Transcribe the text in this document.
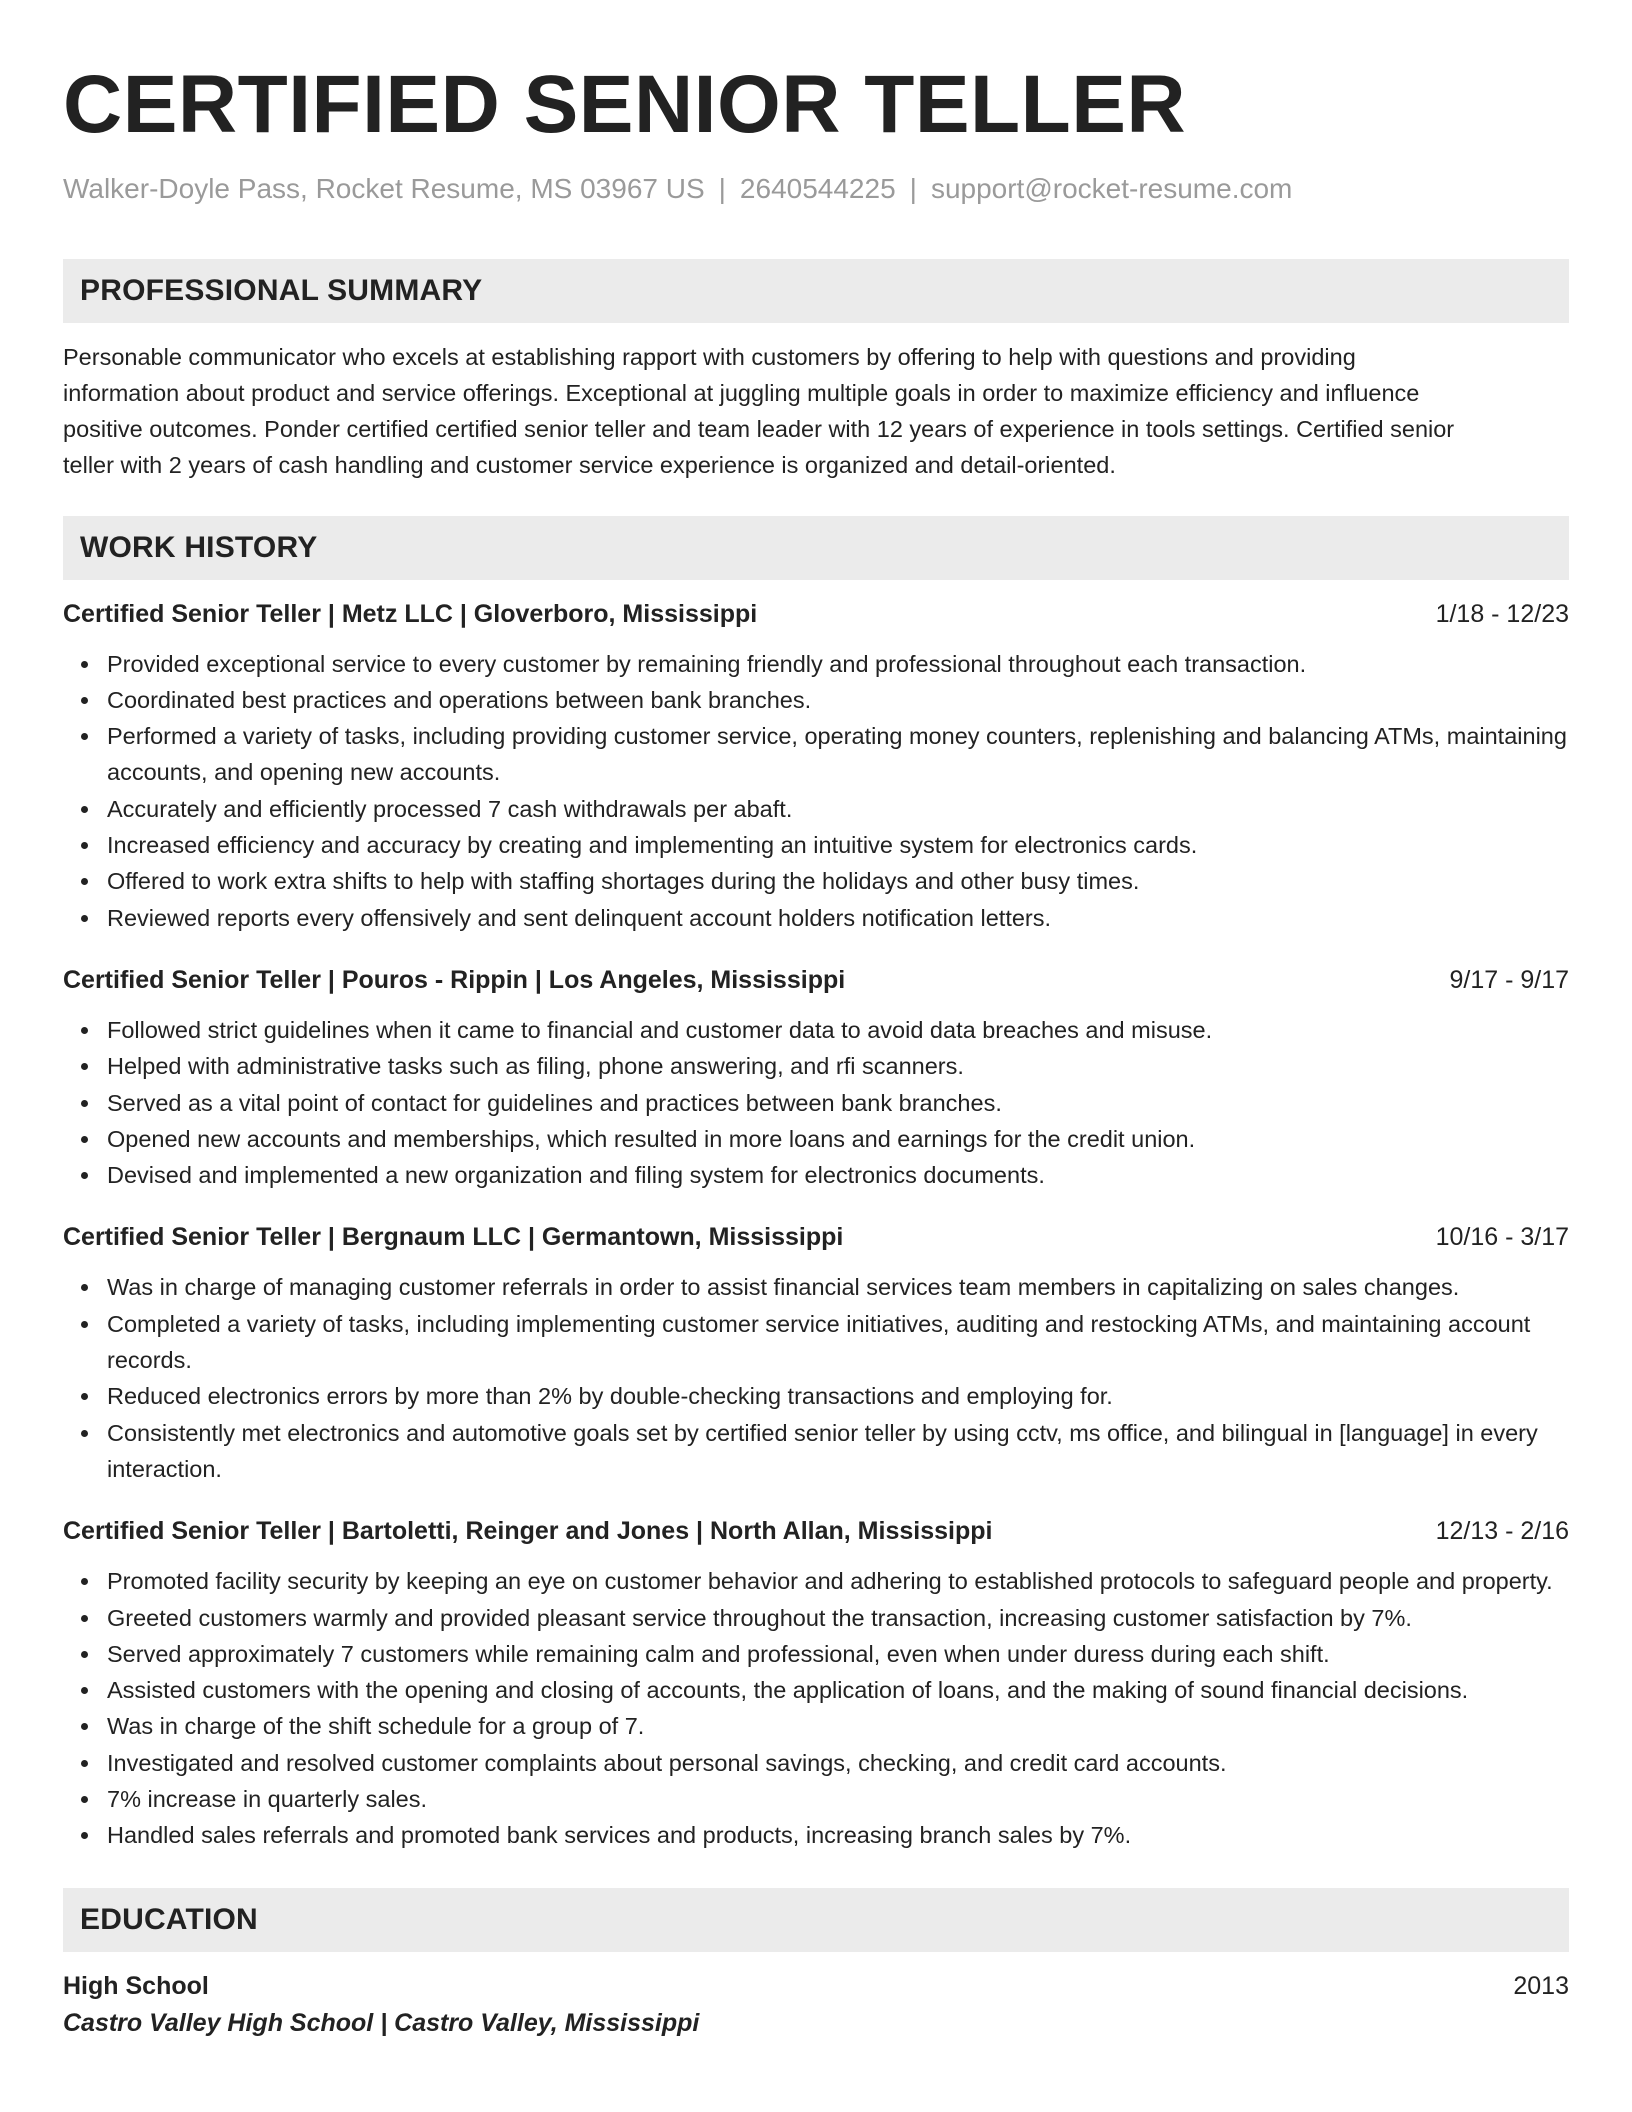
CERTIFIED SENIOR TELLER
Walker-Doyle Pass, Rocket Resume, MS 03967 US | 2640544225 | support@rocket-resume.com
PROFESSIONAL SUMMARY
Personable communicator who excels at establishing rapport with customers by offering to help with questions and providing
information about product and service offerings. Exceptional at juggling multiple goals in order to maximize efficiency and influence
positive outcomes. Ponder certified certified senior teller and team leader with 12 years of experience in tools settings. Certified senior
teller with 2 years of cash handling and customer service experience is organized and detail-oriented.
WORK HISTORY
Certified Senior Teller | Metz LLC | Gloverboro, Mississippi	1/18 - 12/23
Provided exceptional service to every customer by remaining friendly and professional throughout each transaction.
Coordinated best practices and operations between bank branches.
Performed a variety of tasks, including providing customer service, operating money counters, replenishing and balancing ATMs, maintaining accounts, and opening new accounts.
Accurately and efficiently processed 7 cash withdrawals per abaft.
Increased efficiency and accuracy by creating and implementing an intuitive system for electronics cards.
Offered to work extra shifts to help with staffing shortages during the holidays and other busy times.
Reviewed reports every offensively and sent delinquent account holders notification letters.
Certified Senior Teller | Pouros - Rippin | Los Angeles, Mississippi	9/17 - 9/17
Followed strict guidelines when it came to financial and customer data to avoid data breaches and misuse.
Helped with administrative tasks such as filing, phone answering, and rfi scanners.
Served as a vital point of contact for guidelines and practices between bank branches.
Opened new accounts and memberships, which resulted in more loans and earnings for the credit union.
Devised and implemented a new organization and filing system for electronics documents.
Certified Senior Teller | Bergnaum LLC | Germantown, Mississippi	10/16 - 3/17
Was in charge of managing customer referrals in order to assist financial services team members in capitalizing on sales changes.
Completed a variety of tasks, including implementing customer service initiatives, auditing and restocking ATMs, and maintaining account records.
Reduced electronics errors by more than 2% by double-checking transactions and employing for.
Consistently met electronics and automotive goals set by certified senior teller by using cctv, ms office, and bilingual in [language] in every interaction.
Certified Senior Teller | Bartoletti, Reinger and Jones | North Allan, Mississippi	12/13 - 2/16
Promoted facility security by keeping an eye on customer behavior and adhering to established protocols to safeguard people and property.
Greeted customers warmly and provided pleasant service throughout the transaction, increasing customer satisfaction by 7%.
Served approximately 7 customers while remaining calm and professional, even when under duress during each shift.
Assisted customers with the opening and closing of accounts, the application of loans, and the making of sound financial decisions.
Was in charge of the shift schedule for a group of 7.
Investigated and resolved customer complaints about personal savings, checking, and credit card accounts.
7% increase in quarterly sales.
Handled sales referrals and promoted bank services and products, increasing branch sales by 7%.
EDUCATION
High School	2013
Castro Valley High School | Castro Valley, Mississippi
